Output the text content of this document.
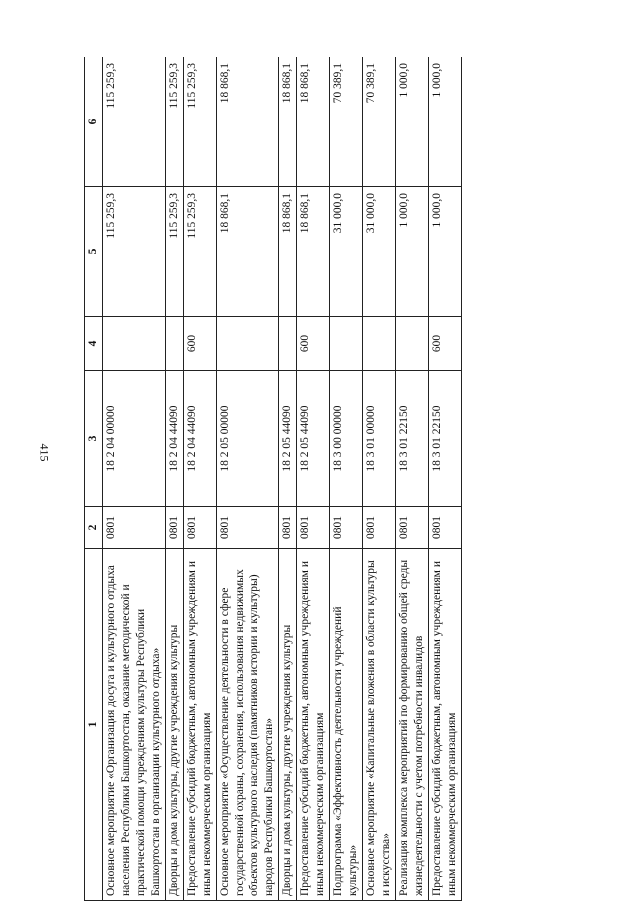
415
1	2	3	4	5	6
Основное мероприятие «Организация досуга и культурного отдыха населения Республики Башкортостан, оказание методической и практической помощи учреждениям культуры Республики Башкортостан в организации культурного отдыха»	0801	18 2 04 00000		115 259,3	115 259,3
Дворцы и дома культуры, другие учреждения культуры	0801	18 2 04 44090		115 259,3	115 259,3
Предоставление субсидий бюджетным, автономным учреждениям и иным некоммерческим организациям	0801	18 2 04 44090	600	115 259,3	115 259,3
Основное мероприятие «Осуществление деятельности в сфере государственной охраны, сохранения, использования недвижимых объектов культурного наследия (памятников истории и культуры) народов Республики Башкортостан»	0801	18 2 05 00000		18 868,1	18 868,1
Дворцы и дома культуры, другие учреждения культуры	0801	18 2 05 44090		18 868,1	18 868,1
Предоставление субсидий бюджетным, автономным учреждениям и иным некоммерческим организациям	0801	18 2 05 44090	600	18 868,1	18 868,1
Подпрограмма «Эффективность деятельности учреждений культуры»	0801	18 3 00 00000		31 000,0	70 389,1
Основное мероприятие «Капитальные вложения в области культуры и искусства»	0801	18 3 01 00000		31 000,0	70 389,1
Реализация комплекса мероприятий по формированию общей среды жизнедеятельности с учетом потребности инвалидов	0801	18 3 01 22150		1 000,0	1 000,0
Предоставление субсидий бюджетным, автономным учреждениям и иным некоммерческим организациям	0801	18 3 01 22150	600	1 000,0	1 000,0
